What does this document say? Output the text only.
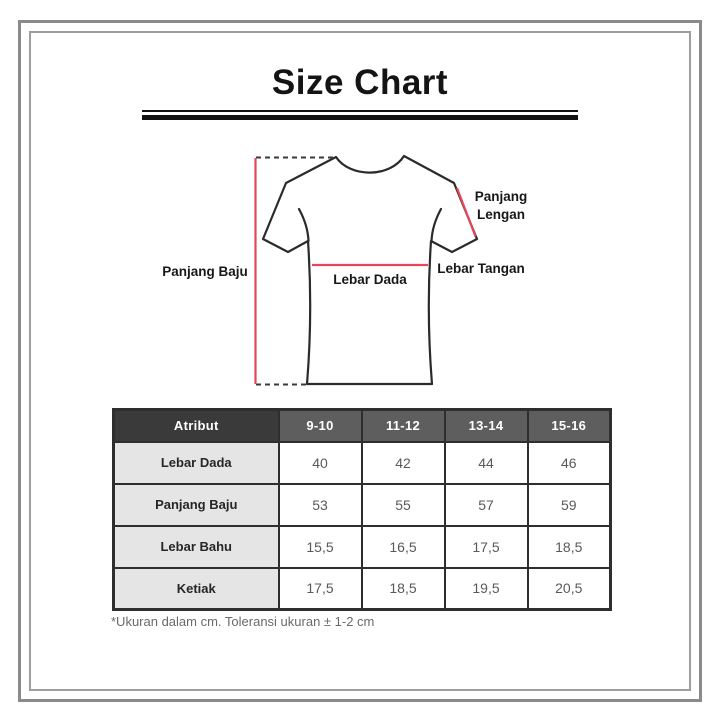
Size Chart
Panjang Baju
Lebar Dada
Panjang
Lengan
Lebar Tangan
Atribut	9-10	11-12	13-14	15-16
Lebar Dada	40	42	44	46
Panjang Baju	53	55	57	59
Lebar Bahu	15,5	16,5	17,5	18,5
Ketiak	17,5	18,5	19,5	20,5
*Ukuran dalam cm. Toleransi ukuran ± 1-2 cm
